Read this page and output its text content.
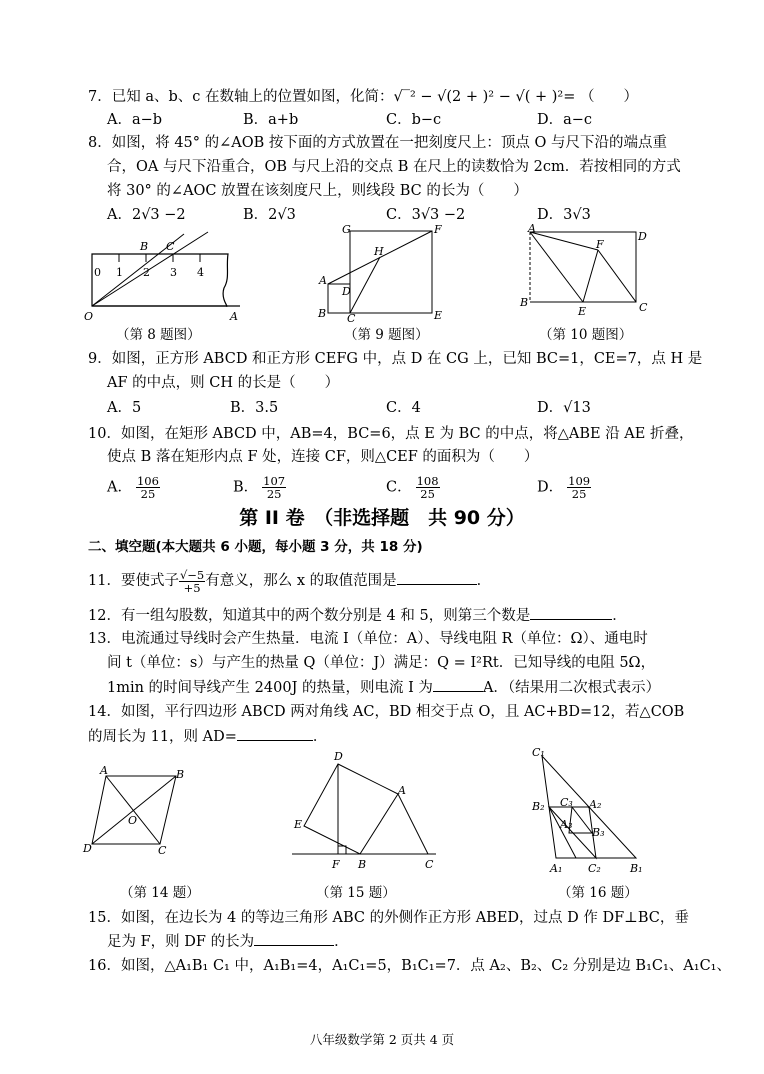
7．已知 a、b、c 在数轴上的位置如图，化简：√‾² − √(2 + )² − √( + )²= （　　）
A．a−b	B．a+b	C．b−c	D．a−c
8．如图，将 45° 的∠AOB 按下面的方式放置在一把刻度尺上：顶点 O 与尺下沿的端点重
合，OA 与尺下沿重合，OB 与尺上沿的交点 B 在尺上的读数恰为 2cm．若按相同的方式
将 30° 的∠AOC 放置在该刻度尺上，则线段 BC 的长为（　　）
A．2√3 −2	B．2√3	C．3√3 −2	D．3√3
0 1 2 3 4
B C
O	A
（第 8 题图）
G	F
H
A
D
B C	E
（第 9 题图）
A
D
F
B
E	C
（第 10 题图）
9．如图，正方形 ABCD 和正方形 CEFG 中，点 D 在 CG 上，已知 BC=1，CE=7，点 H 是
AF 的中点，则 CH 的长是（　　）
A．5	B．3.5	C．4	D．√13
10．如图，在矩形 ABCD 中，AB=4，BC=6，点 E 为 BC 的中点，将△ABE 沿 AE 折叠，
使点 B 落在矩形内点 F 处，连接 CF，则△CEF 的面积为（　　）
A． $\frac{106}{25}$	B． $\frac{107}{25}$	C． $\frac{108}{25}$	D． $\frac{109}{25}$
第 II 卷　（非选择题　共 90 分）
二、填空题(本大题共 6 小题，每小题 3 分，共 18 分)
11．要使式子 $\frac{√-5}{+5}$ 有意义，那么 x 的取值范围是	．
12．有一组勾股数，知道其中的两个数分别是 4 和 5，则第三个数是	．
13．电流通过导线时会产生热量．电流 I（单位：A）、导线电阻 R（单位：Ω）、通电时
间 t（单位：s）与产生的热量 Q（单位：J）满足：Q = I²Rt．已知导线的电阻 5Ω，
1min 的时间导线产生 2400J 的热量，则电流 I 为	A．（结果用二次根式表示）
14．如图，平行四边形 ABCD 两对角线 AC，BD 相交于点 O，且 AC+BD=12，若△COB
的周长为 11，则 AD=	．
A	B
O
D	C
（第 14 题）
D
A
E
F B	C
（第 15 题）
C₁
B₂ C₃ A₂
A₃
B₃
A₁ C₂	B₁
（第 16 题）
15．如图，在边长为 4 的等边三角形 ABC 的外侧作正方形 ABED，过点 D 作 DF⊥BC，垂
足为 F，则 DF 的长为	．
16．如图，△A₁B₁ C₁ 中，A₁B₁=4，A₁C₁=5，B₁C₁=7．点 A₂、B₂、C₂ 分别是边 B₁C₁、A₁C₁、
八年级数学第 2 页共 4 页
